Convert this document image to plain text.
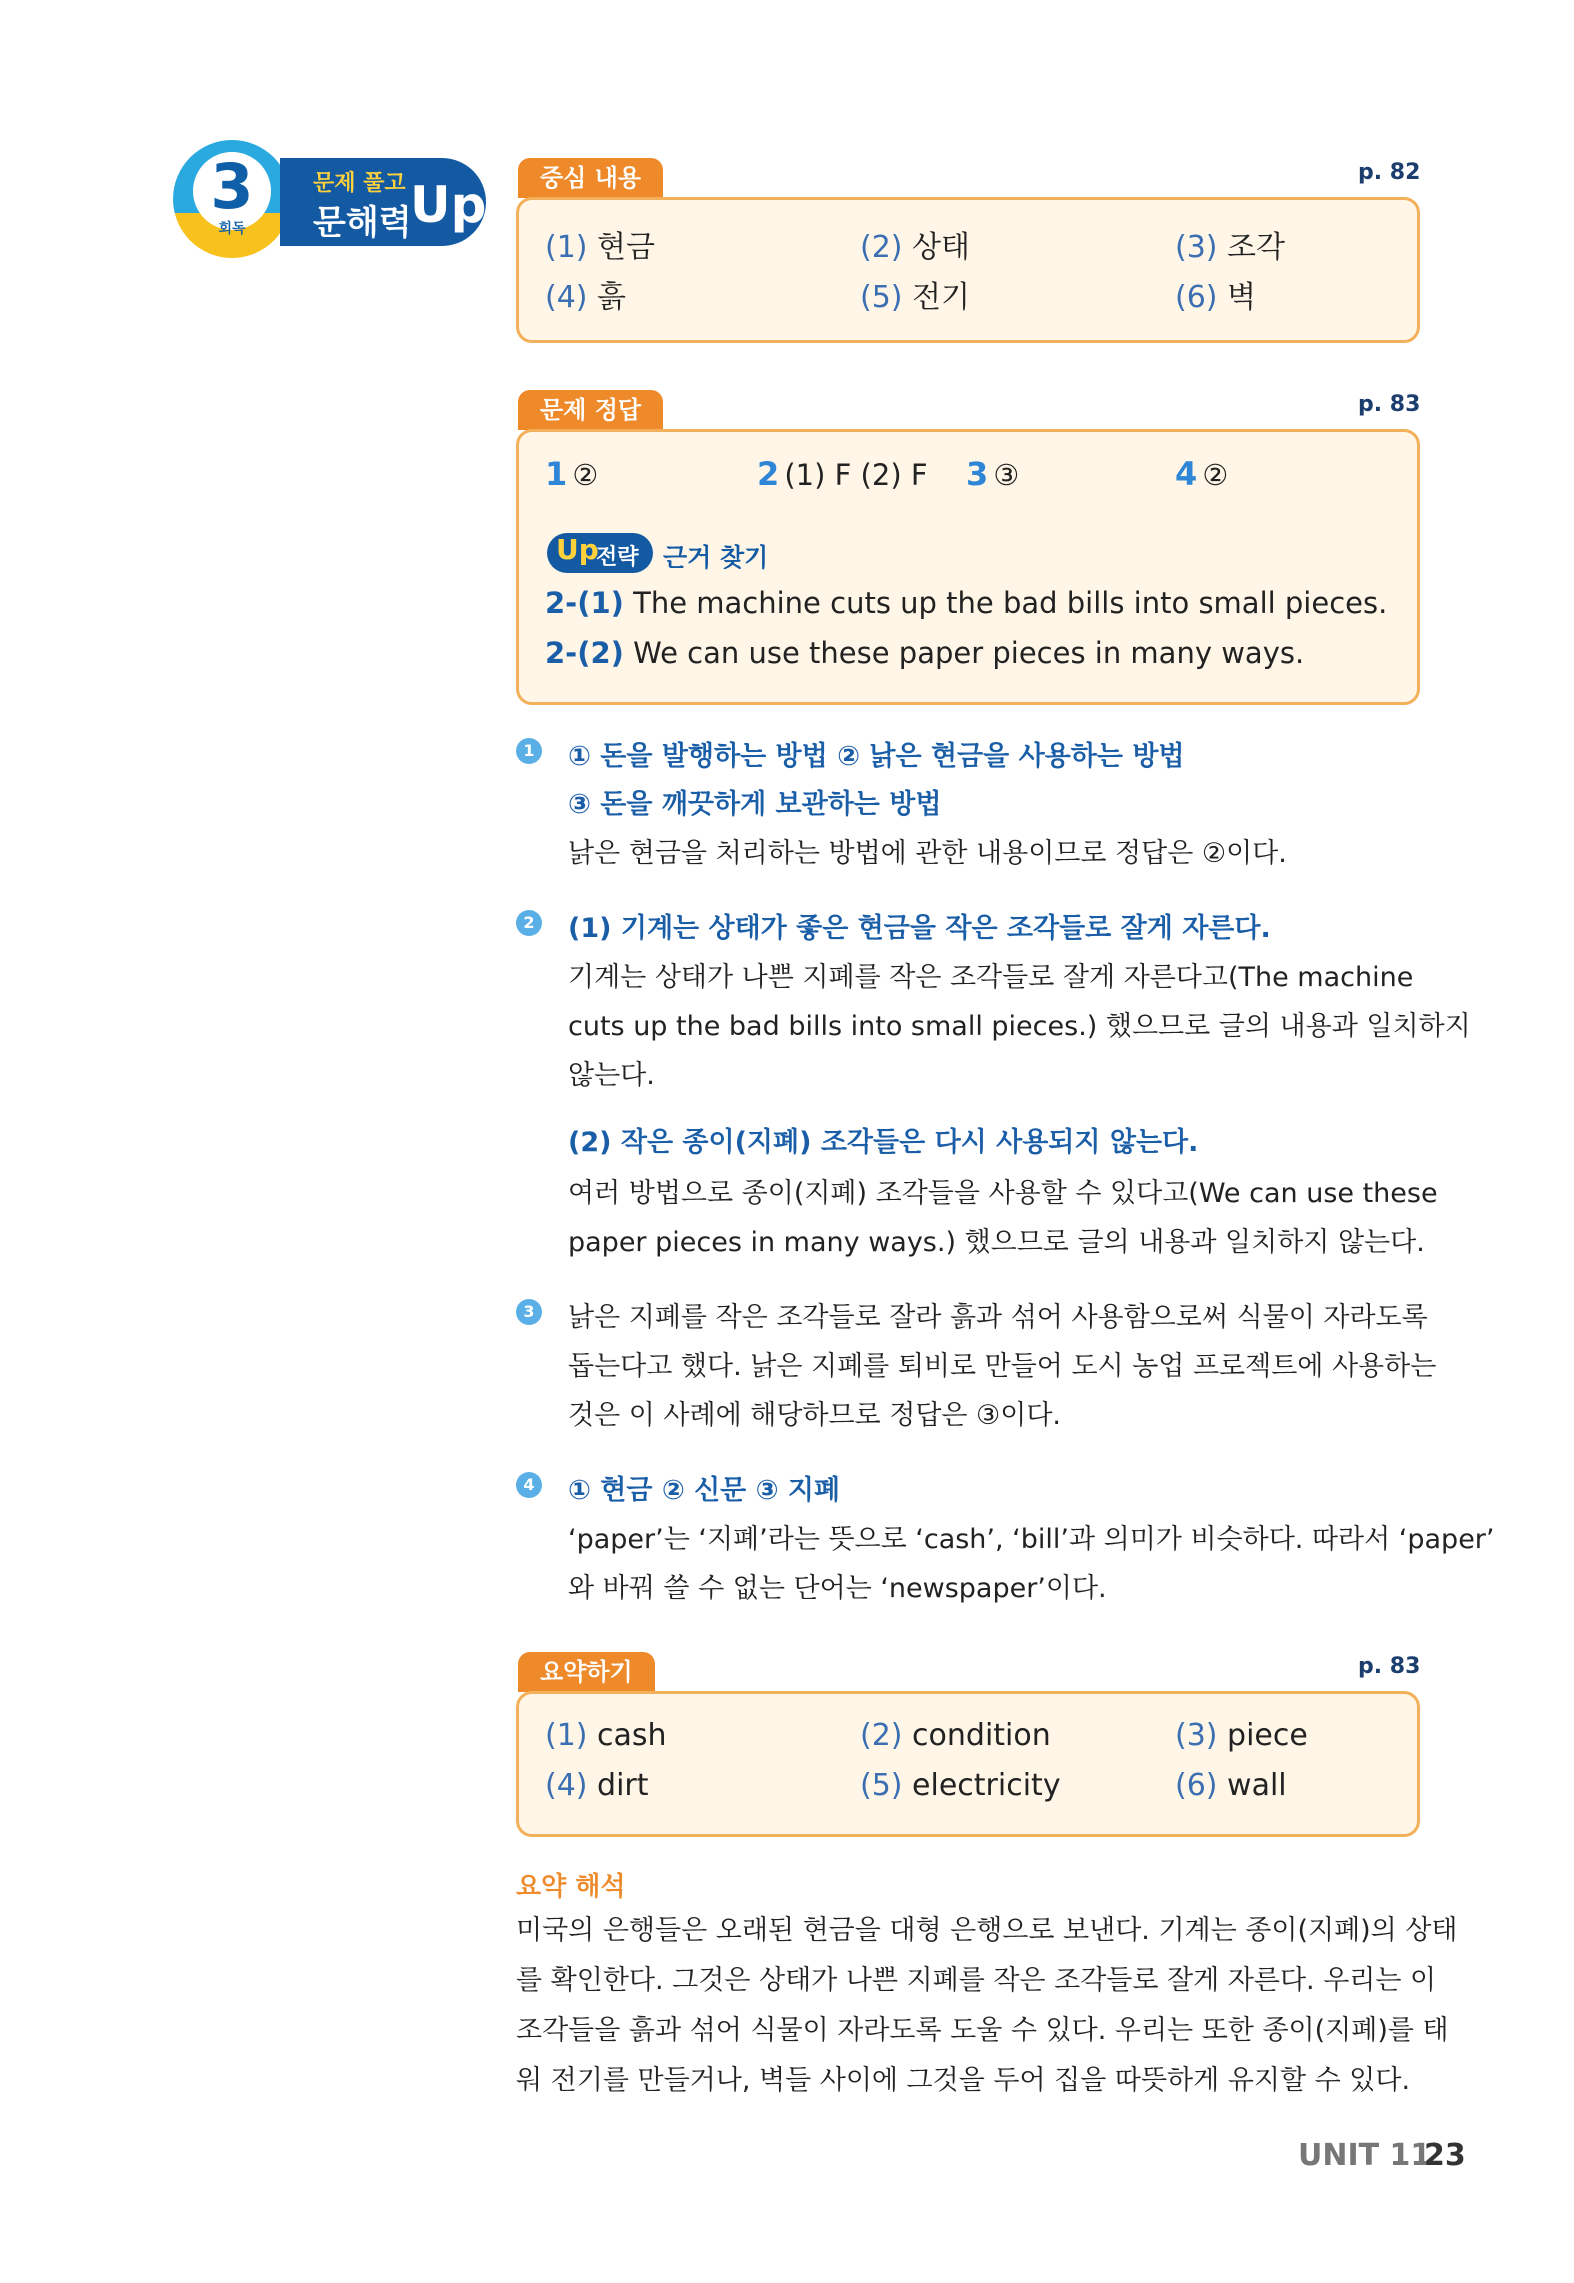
3
회독
문제 풀고
문해력
Up	중심 내용	p. 82
(1) 현금	(2) 상태	(3) 조각
(4) 흙	(5) 전기	(6) 벽
문제 정답	p. 83
1 ②	2 (1) F (2) F 3 ③	4 ②
Up
전략 근거 찾기
2-(1) The machine cuts up the bad bills into small pieces.
2-(2) We can use these paper pieces in many ways.
1 ① 돈을 발행하는 방법 ② 낡은 현금을 사용하는 방법
③ 돈을 깨끗하게 보관하는 방법
낡은 현금을 처리하는 방법에 관한 내용이므로 정답은 ②이다.
2 (1) 기계는 상태가 좋은 현금을 작은 조각들로 잘게 자른다.
기계는 상태가 나쁜 지폐를 작은 조각들로 잘게 자른다고(The machine
cuts up the bad bills into small pieces.) 했으므로 글의 내용과 일치하지
않는다.
(2) 작은 종이(지폐) 조각들은 다시 사용되지 않는다.
여러 방법으로 종이(지폐) 조각들을 사용할 수 있다고(We can use these
paper pieces in many ways.) 했으므로 글의 내용과 일치하지 않는다.
3 낡은 지폐를 작은 조각들로 잘라 흙과 섞어 사용함으로써 식물이 자라도록
돕는다고 했다. 낡은 지폐를 퇴비로 만들어 도시 농업 프로젝트에 사용하는
것은 이 사례에 해당하므로 정답은 ③이다.
4 ① 현금 ② 신문 ③ 지폐
‘paper’는 ‘지폐’라는 뜻으로 ‘cash’, ‘bill’과 의미가 비슷하다. 따라서 ‘paper’
와 바꿔 쓸 수 없는 단어는 ‘newspaper’이다.
요약하기	p. 83
(1) cash	(2) condition	(3) piece
(4) dirt	(5) electricity	(6) wall
요약 해석
미국의 은행들은 오래된 현금을 대형 은행으로 보낸다. 기계는 종이(지폐)의 상태
를 확인한다. 그것은 상태가 나쁜 지폐를 작은 조각들로 잘게 자른다. 우리는 이
조각들을 흙과 섞어 식물이 자라도록 도울 수 있다. 우리는 또한 종이(지폐)를 태
워 전기를 만들거나, 벽들 사이에 그것을 두어 집을 따뜻하게 유지할 수 있다.
UNIT 11
23
